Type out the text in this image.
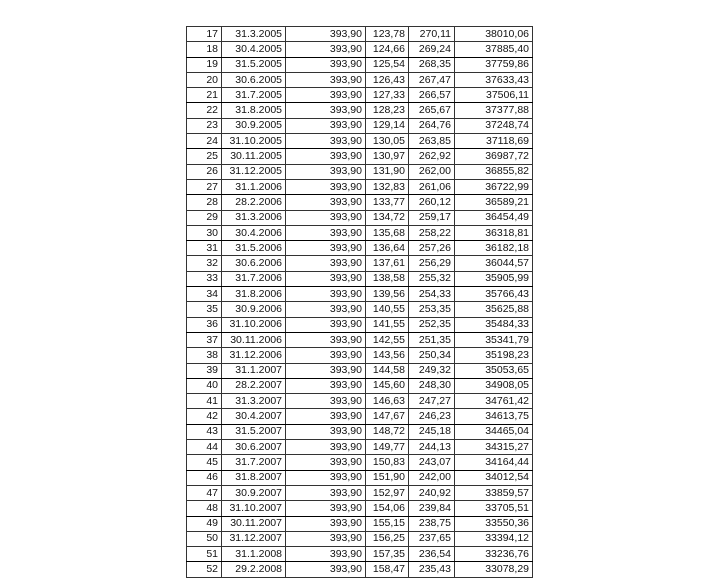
17	31.3.2005	393,90	123,78	270,11	38010,06
18	30.4.2005	393,90	124,66	269,24	37885,40
19	31.5.2005	393,90	125,54	268,35	37759,86
20	30.6.2005	393,90	126,43	267,47	37633,43
21	31.7.2005	393,90	127,33	266,57	37506,11
22	31.8.2005	393,90	128,23	265,67	37377,88
23	30.9.2005	393,90	129,14	264,76	37248,74
24	31.10.2005	393,90	130,05	263,85	37118,69
25	30.11.2005	393,90	130,97	262,92	36987,72
26	31.12.2005	393,90	131,90	262,00	36855,82
27	31.1.2006	393,90	132,83	261,06	36722,99
28	28.2.2006	393,90	133,77	260,12	36589,21
29	31.3.2006	393,90	134,72	259,17	36454,49
30	30.4.2006	393,90	135,68	258,22	36318,81
31	31.5.2006	393,90	136,64	257,26	36182,18
32	30.6.2006	393,90	137,61	256,29	36044,57
33	31.7.2006	393,90	138,58	255,32	35905,99
34	31.8.2006	393,90	139,56	254,33	35766,43
35	30.9.2006	393,90	140,55	253,35	35625,88
36	31.10.2006	393,90	141,55	252,35	35484,33
37	30.11.2006	393,90	142,55	251,35	35341,79
38	31.12.2006	393,90	143,56	250,34	35198,23
39	31.1.2007	393,90	144,58	249,32	35053,65
40	28.2.2007	393,90	145,60	248,30	34908,05
41	31.3.2007	393,90	146,63	247,27	34761,42
42	30.4.2007	393,90	147,67	246,23	34613,75
43	31.5.2007	393,90	148,72	245,18	34465,04
44	30.6.2007	393,90	149,77	244,13	34315,27
45	31.7.2007	393,90	150,83	243,07	34164,44
46	31.8.2007	393,90	151,90	242,00	34012,54
47	30.9.2007	393,90	152,97	240,92	33859,57
48	31.10.2007	393,90	154,06	239,84	33705,51
49	30.11.2007	393,90	155,15	238,75	33550,36
50	31.12.2007	393,90	156,25	237,65	33394,12
51	31.1.2008	393,90	157,35	236,54	33236,76
52	29.2.2008	393,90	158,47	235,43	33078,29
